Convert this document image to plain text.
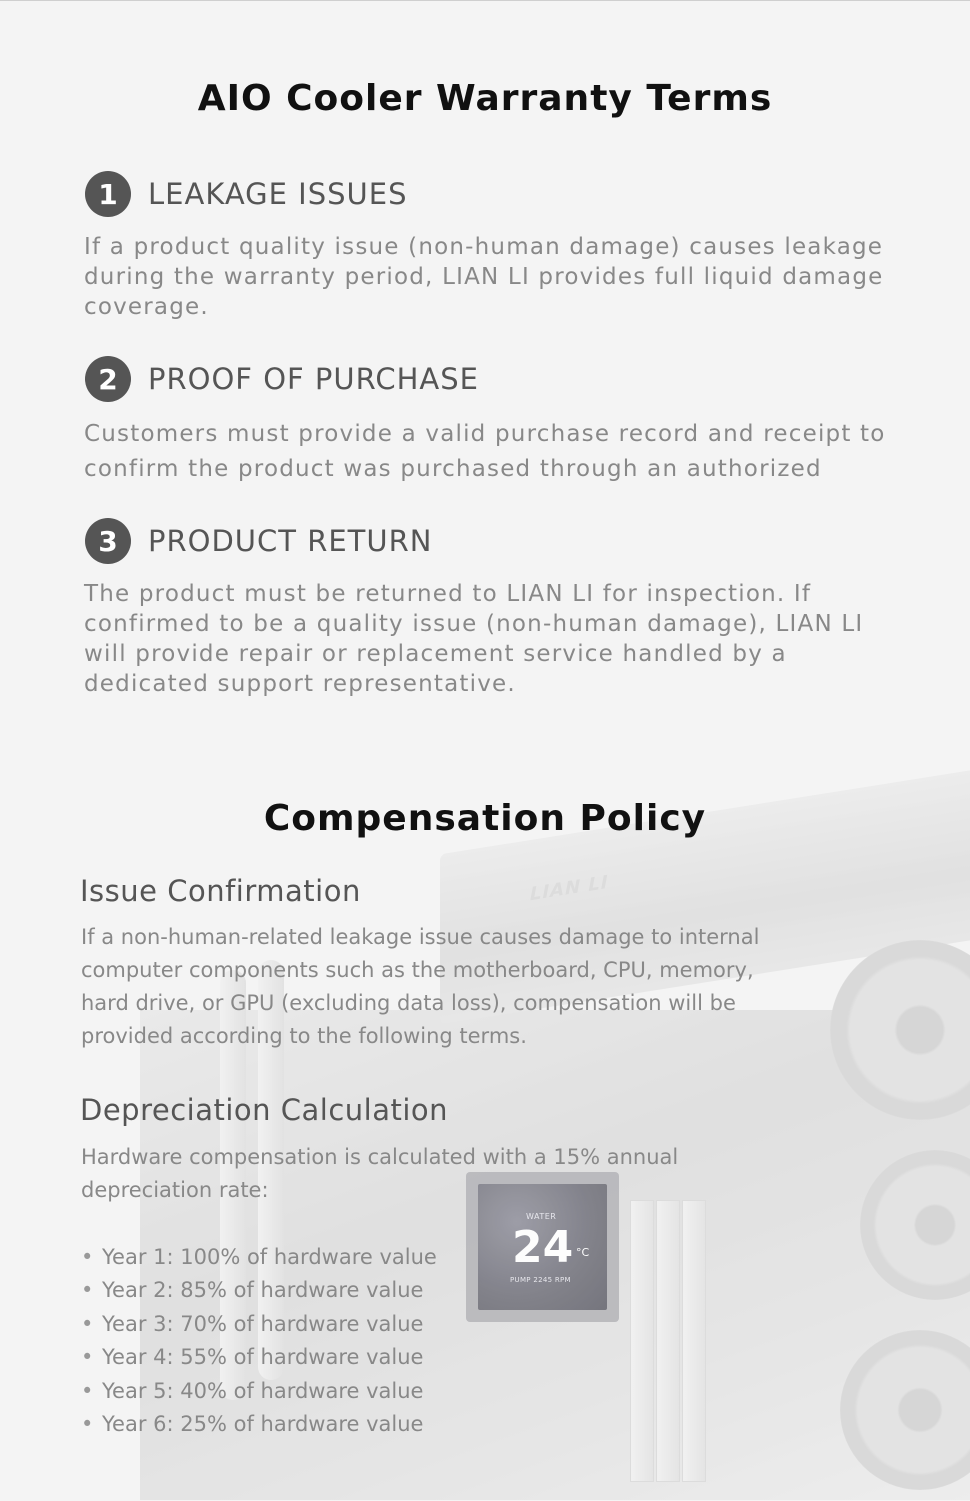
LIAN LI
WATER
24 °C
PUMP 2245 RPM
AIO Cooler Warranty Terms
1	LEAKAGE ISSUES
If a product quality issue (non-human damage) causes leakage
during the warranty period, LIAN LI provides full liquid damage
coverage.
2	PROOF OF PURCHASE
Customers must provide a valid purchase record and receipt to
confirm the product was purchased through an authorized
3	PRODUCT RETURN
The product must be returned to LIAN LI for inspection. If
confirmed to be a quality issue (non-human damage), LIAN LI
will provide repair or replacement service handled by a
dedicated support representative.
Compensation Policy
Issue Confirmation
If a non-human-related leakage issue causes damage to internal
computer components such as the motherboard, CPU, memory,
hard drive, or GPU (excluding data loss), compensation will be
provided according to the following terms.
Depreciation Calculation
Hardware compensation is calculated with a 15% annual
depreciation rate:
• Year 1: 100% of hardware value
• Year 2: 85% of hardware value
• Year 3: 70% of hardware value
• Year 4: 55% of hardware value
• Year 5: 40% of hardware value
• Year 6: 25% of hardware value
